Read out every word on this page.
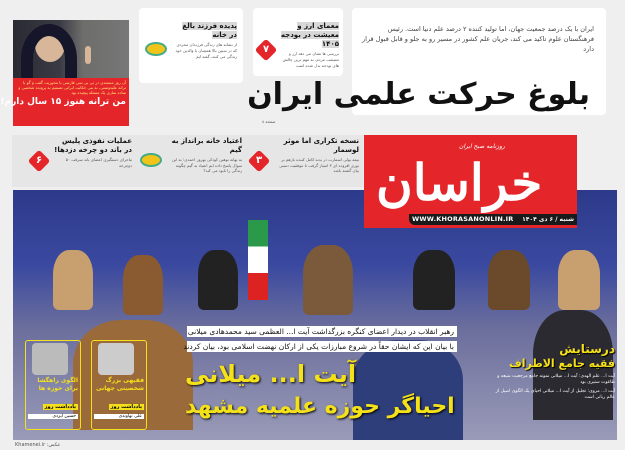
آن روز مستندی در بی بی سی فارسی با محوریت گفت و گو با ترانه علیدوستی، نه بنی حکایت ایرانی تصمیم به پرونده شخصی و ساده سازی یک مسئله پیچیده بود
من ترانه هنوز ۱۵ سال دارم!
پدیده فرزند بالغ در خانه
از نشانه های زندگی فرزندان مجردی که در سنین بالا همچنان با والدین خود زندگی می کنند، گفته ایم
۷
معمای ارز و معیشت در بودجه ۱۴۰۵
بررسی ها نشان می دهد ارز و معیشت مردم، به مهم ترین چالش های بودجه بدل شده است
ایران با یک درصد جمعیت جهان، اما تولید کننده ۲ درصد علم دنیا است. رئیس فرهنگستان علوم تاکید می کند، جریان علم کشور در مسیر رو به جلو و قابل قبول قرار دارد
بلوغ حرکت علمی ایران
صفحه ۸
نسخه تکراری اما موثر لوسمار
۳	بیمه بولی اسمارت در بدنه کامل کننده بازهم بر نوری افزوده ای ۳ امتیاز گرفت تا موفقیت دستی بیان گشته باشد
اعتیاد خانه برانداز به گیم
به بهانه توهین کودکی بهروز احمدی؛ به این سوال پاسخ داده ایم اعتیاد به گیم چگونه زندگی را نابود می کند؟
عملیات نفوذی پلیس در باند دو چرخه دزدها!
۶	ماجرای دستگیری اعضای باند سرقت ۵۰ دوچرخه
روزنامه صبح ایران
خراسان
WWW.KHORASANONLIN.IR شنبه / ۶ دی ۱۴۰۴
رهبر انقلاب در دیدار اعضای کنگره بزرگداشت آیت ا... العظمی سید محمدهادی میلانی
با بیان این که ایشان حقاً در شروع مبارزات یکی از ارکان نهضت اسلامی بود، بیان کردند
آیت ا... میلانی
احیاگر حوزه علمیه مشهد
درستایش
فقیه جامع الاطراف
آیت ا... علم الهدی: آیت ا... میلانی نمونه جامع مرجعیت شیعه و ظاغوت ستیزی بود
آیت ا... مروی: تجلیل از آیت ا... میلانی احیای یک الگوی اصیل از عالم ربانی است
فقیهی بزرگ شخصیتی جهانی
یادداشت روز
علی نهاوندی
الگوی راهگشا برای حوزه ها
یادداشت روز
حسین ایزدی
عکس: Khamenei.ir
